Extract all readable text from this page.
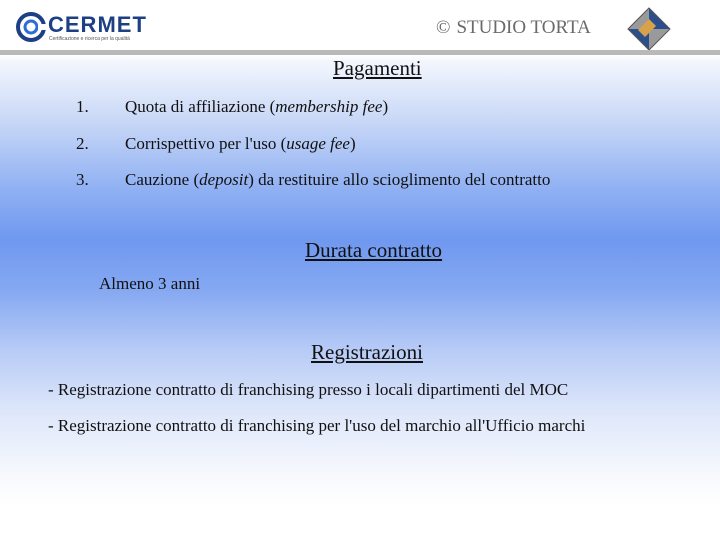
CERMET
Certificazione e ricerca per la qualità
© STUDIO TORTA
Pagamenti
1. Quota di affiliazione (membership fee)
2. Corrispettivo per l'uso (usage fee)
3. Cauzione (deposit) da restituire allo scioglimento del contratto
Durata contratto
Almeno 3 anni
Registrazioni
- Registrazione contratto di franchising presso i locali dipartimenti del MOC
- Registrazione contratto di franchising per l'uso del marchio all'Ufficio marchi
